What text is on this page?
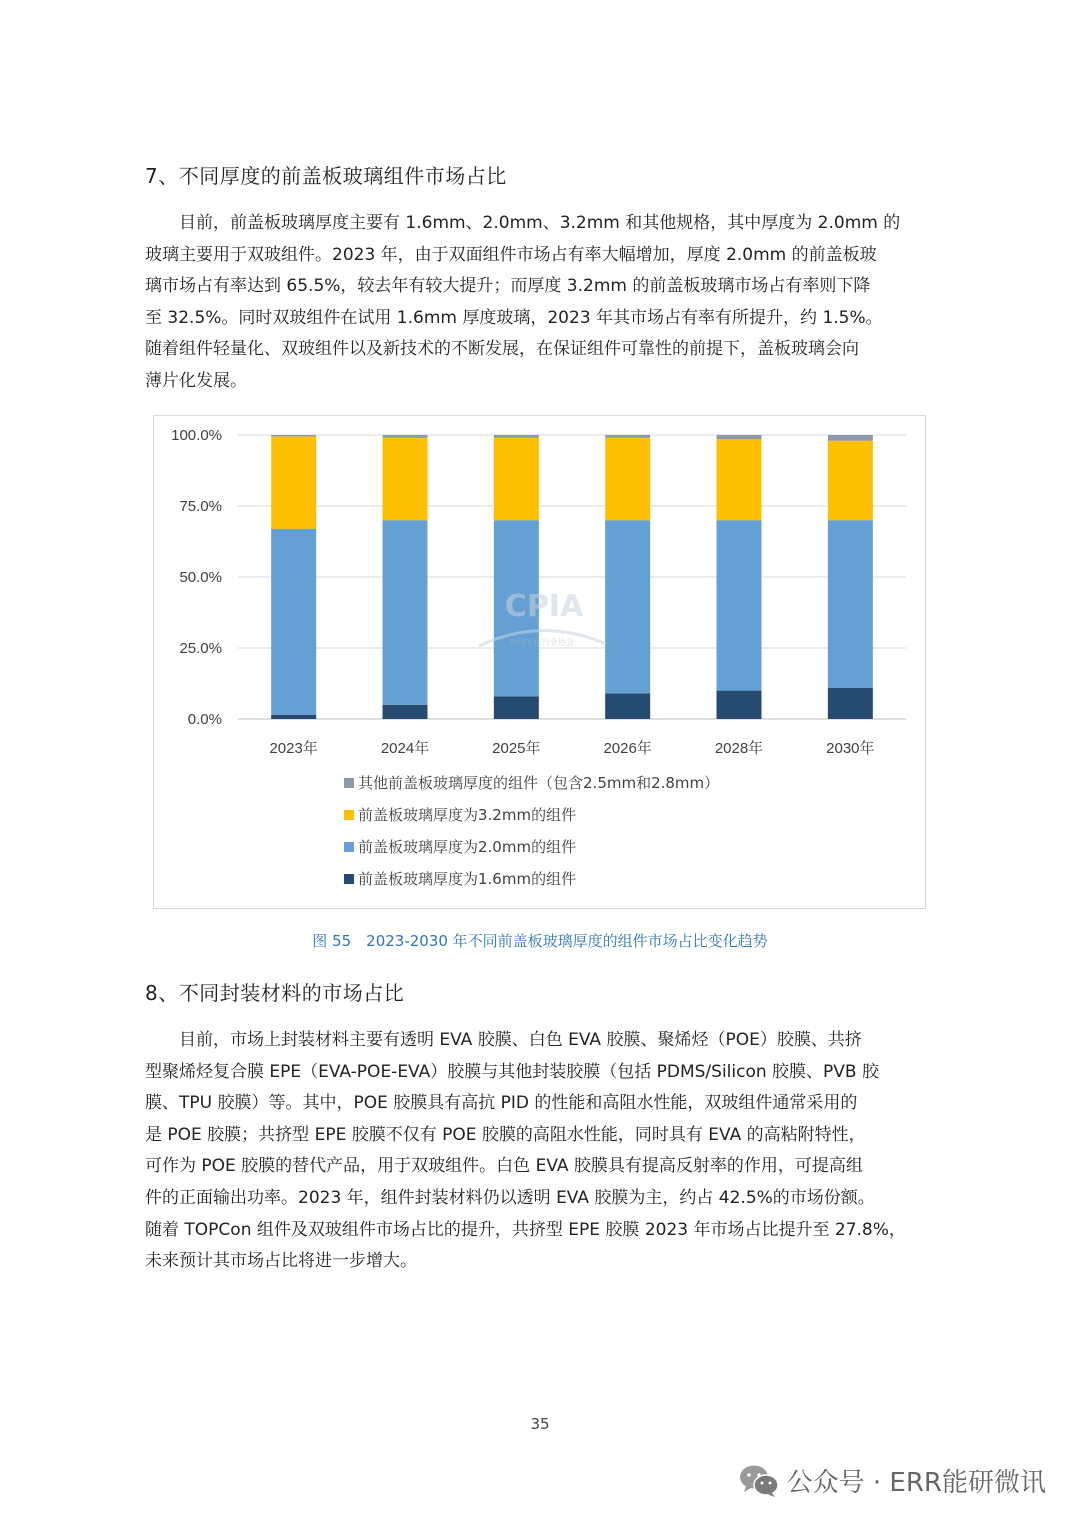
7、不同厚度的前盖板玻璃组件市场占比
　　目前，前盖板玻璃厚度主要有 1.6mm、2.0mm、3.2mm 和其他规格，其中厚度为 2.0mm 的
玻璃主要用于双玻组件。2023 年，由于双面组件市场占有率大幅增加，厚度 2.0mm 的前盖板玻
璃市场占有率达到 65.5%，较去年有较大提升；而厚度 3.2mm 的前盖板玻璃市场占有率则下降
至 32.5%。同时双玻组件在试用 1.6mm 厚度玻璃，2023 年其市场占有率有所提升，约 1.5%。
随着组件轻量化、双玻组件以及新技术的不断发展，在保证组件可靠性的前提下，盖板玻璃会向
薄片化发展。
0.0%
25.0%
50.0%
75.0%
100.0%
2023年	2024年	2025年	2026年	2028年	2030年
CPIA
中国光伏行业协会
其他前盖板玻璃厚度的组件（包含2.5mm和2.8mm）
前盖板玻璃厚度为3.2mm的组件
前盖板玻璃厚度为2.0mm的组件
前盖板玻璃厚度为1.6mm的组件
图 55　2023-2030 年不同前盖板玻璃厚度的组件市场占比变化趋势
8、不同封装材料的市场占比
　　目前，市场上封装材料主要有透明 EVA 胶膜、白色 EVA 胶膜、聚烯烃（POE）胶膜、共挤
型聚烯烃复合膜 EPE（EVA-POE-EVA）胶膜与其他封装胶膜（包括 PDMS/Silicon 胶膜、PVB 胶
膜、TPU 胶膜）等。其中，POE 胶膜具有高抗 PID 的性能和高阻水性能，双玻组件通常采用的
是 POE 胶膜；共挤型 EPE 胶膜不仅有 POE 胶膜的高阻水性能，同时具有 EVA 的高粘附特性，
可作为 POE 胶膜的替代产品，用于双玻组件。白色 EVA 胶膜具有提高反射率的作用，可提高组
件的正面输出功率。2023 年，组件封装材料仍以透明 EVA 胶膜为主，约占 42.5%的市场份额。
随着 TOPCon 组件及双玻组件市场占比的提升，共挤型 EPE 胶膜 2023 年市场占比提升至 27.8%，
未来预计其市场占比将进一步增大。
35
公众号 · ERR能研微讯
